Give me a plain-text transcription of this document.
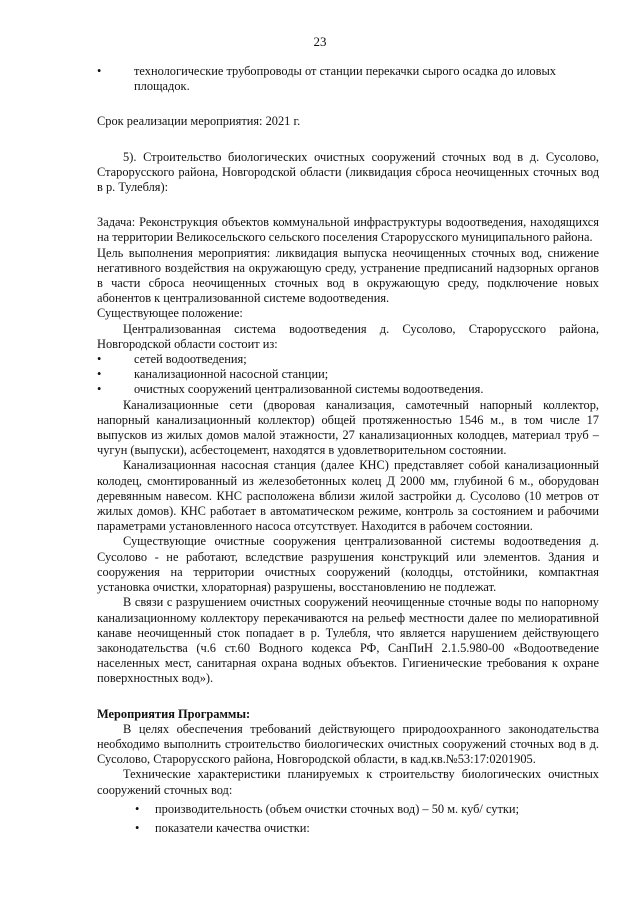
23

• технологические трубопроводы от станции перекачки сырого осадка до иловых площадок.

Срок реализации мероприятия: 2021 г.

5). Строительство биологических очистных сооружений сточных вод в д. Сусолово, Старорусского района, Новгородской области (ликвидация сброса неочищенных сточных вод в р. Тулебля):

Задача: Реконструкция объектов коммунальной инфраструктуры водоотведения, находящихся на территории Великосельского сельского поселения Старорусского муниципального района.

Цель выполнения мероприятия: ликвидация выпуска неочищенных сточных вод, снижение негативного воздействия на окружающую среду, устранение предписаний надзорных органов в части сброса неочищенных сточных вод в окружающую среду, подключение новых абонентов к централизованной системе водоотведения.

Существующее положение:

Централизованная система водоотведения д. Сусолово, Старорусского района, Новгородской области состоит из:

• сетей водоотведения;

• канализационной насосной станции;

• очистных сооружений централизованной системы водоотведения.

Канализационные сети (дворовая канализация, самотечный напорный коллектор, напорный канализационный коллектор) общей протяженностью 1546 м., в том числе 17 выпусков из жилых домов малой этажности, 27 канализационных колодцев, материал труб – чугун (выпуски), асбестоцемент, находятся в удовлетворительном состоянии.

Канализационная насосная станция (далее КНС) представляет собой канализационный колодец, смонтированный из железобетонных колец Д 2000 мм, глубиной 6 м., оборудован деревянным навесом. КНС расположена вблизи жилой застройки д. Сусолово (10 метров от жилых домов). КНС работает в автоматическом режиме, контроль за состоянием и рабочими параметрами установленного насоса отсутствует. Находится в рабочем состоянии.

Существующие очистные сооружения централизованной системы водоотведения д. Сусолово - не работают, вследствие разрушения конструкций или элементов. Здания и сооружения на территории очистных сооружений (колодцы, отстойники, компактная установка очистки, хлораторная) разрушены, восстановлению не подлежат.

В связи с разрушением очистных сооружений неочищенные сточные воды по напорному канализационному коллектору перекачиваются на рельеф местности далее по мелиоративной канаве неочищенный сток попадает в р. Тулебля, что является нарушением действующего законодательства (ч.6 ст.60 Водного кодекса РФ, СанПиН 2.1.5.980-00 «Водоотведение населенных мест, санитарная охрана водных объектов. Гигиенические требования к охране поверхностных вод»).

Мероприятия Программы:

В целях обеспечения требований действующего природоохранного законодательства необходимо выполнить строительство биологических очистных сооружений сточных вод в д. Сусолово, Старорусского района, Новгородской области, в кад.кв.№53:17:0201905.

Технические характеристики планируемых к строительству биологических очистных сооружений сточных вод:

• производительность (объем очистки сточных вод) – 50 м. куб/ сутки;

• показатели качества очистки:
